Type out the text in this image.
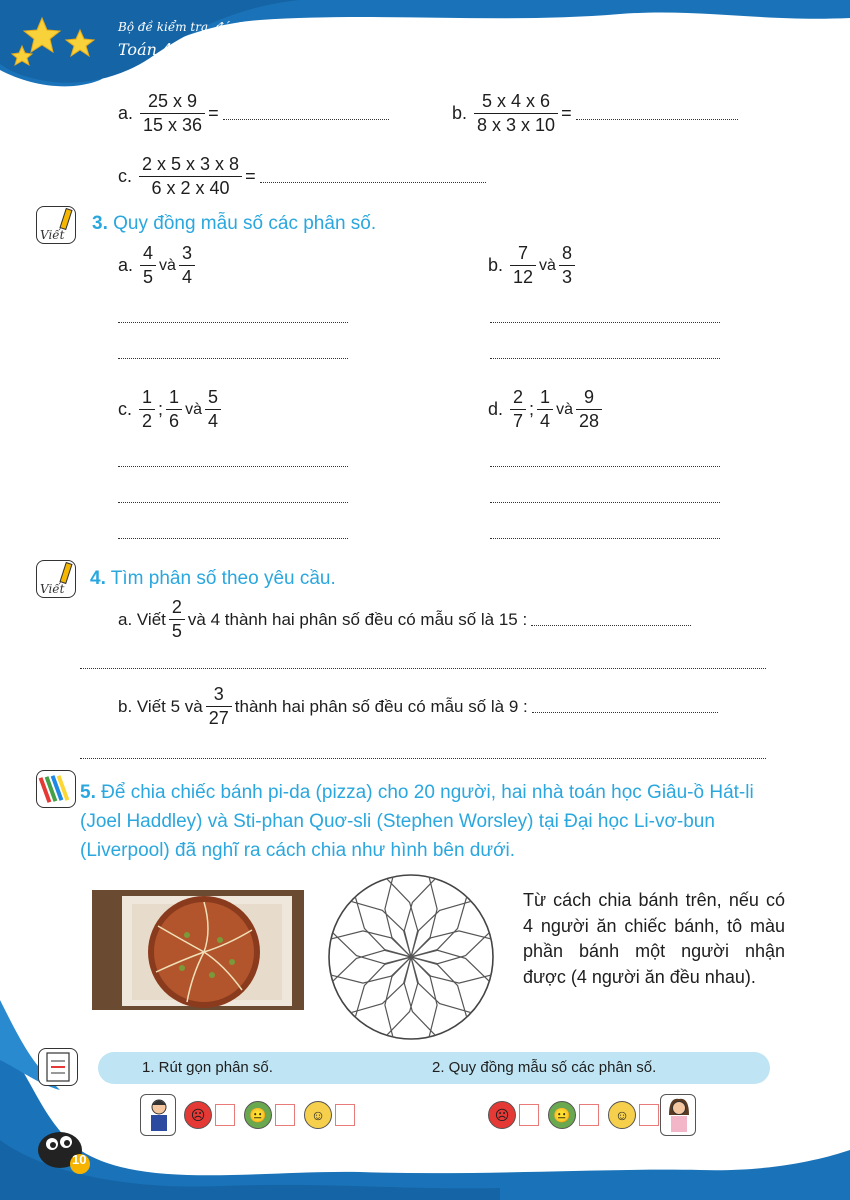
Bộ đề kiểm tra, đánh giá năng lực
Toán 4, tập 2
a. $\frac{25 x 9}{15 x 36}$ =	b. $\frac{5 x 4 x 6}{8 x 3 x 10}$ =
c. $\frac{2 x 5 x 3 x 8}{6 x 2 x 40}$ =
Viết
3. Quy đồng mẫu số các phân số.
a. $\frac{4}{5}$ và $\frac{3}{4}$	b. $\frac{7}{12}$ và $\frac{8}{3}$
c. $\frac{1}{2}$ ; $\frac{1}{6}$ và $\frac{5}{4}$	d. $\frac{2}{7}$ ; $\frac{1}{4}$ và $\frac{9}{28}$
Viết 4. Tìm phân số theo yêu cầu.
a. Viết $\frac{2}{5}$ và 4 thành hai phân số đều có mẫu số là 15 :
b. Viết 5 và $\frac{3}{27}$ thành hai phân số đều có mẫu số là 9 :
5. Để chia chiếc bánh pi-da (pizza) cho 20 người, hai nhà toán học Giâu-ồ Hát-li (Joel Haddley) và Sti-phan Quơ-sli (Stephen Worsley) tại Đại học Li-vơ-bun (Liverpool) đã nghĩ ra cách chia như hình bên dưới.
Từ cách chia bánh trên, nếu có 4 người ăn chiếc bánh, tô màu phần bánh một người nhận được (4 người ăn đều nhau).
1. Rút gọn phân số.	2. Quy đồng mẫu số các phân số.
☹	😐	☺	☹	😐	☺
10
